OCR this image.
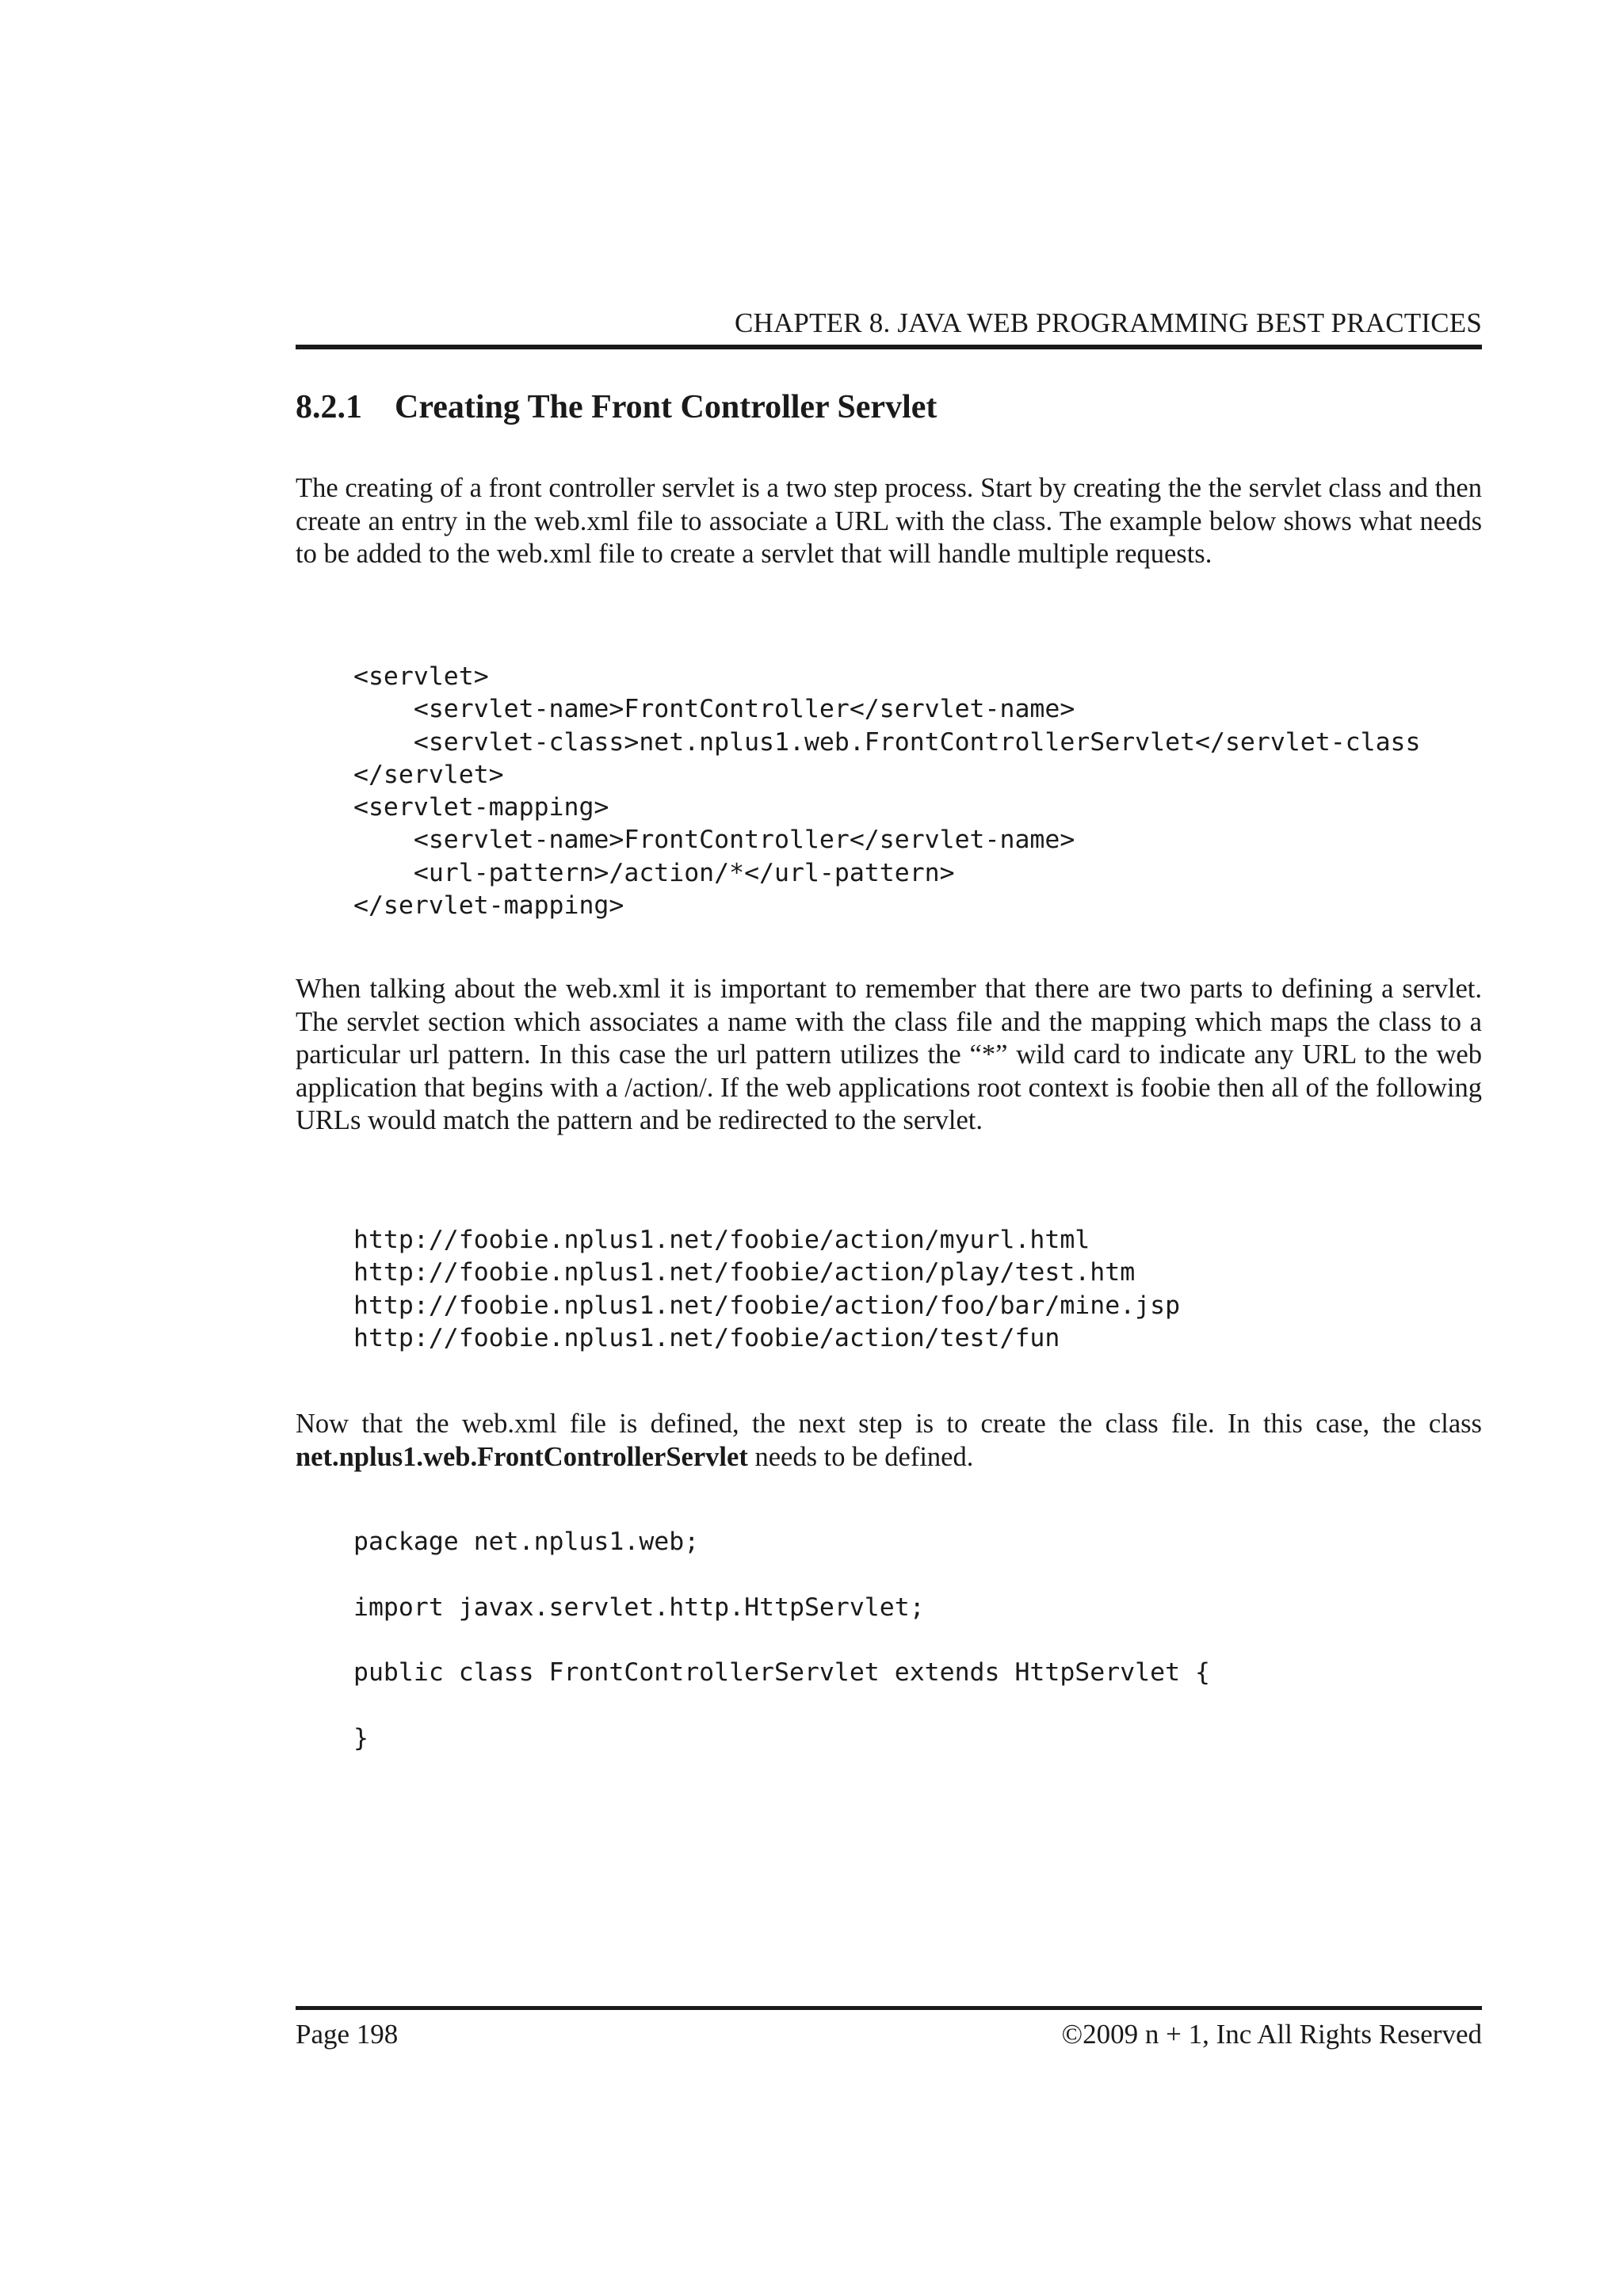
CHAPTER 8. JAVA WEB PROGRAMMING BEST PRACTICES
8.2.1 Creating The Front Controller Servlet
The creating of a front controller servlet is a two step process. Start by creating the the servlet class and then create an entry in the web.xml file to associate a URL with the class. The example below shows what needs to be added to the web.xml file to create a servlet that will handle multiple requests.
<servlet>
<servlet-name>FrontController</servlet-name>
<servlet-class>net.nplus1.web.FrontControllerServlet</servlet-class
</servlet>
<servlet-mapping>
<servlet-name>FrontController</servlet-name>
<url-pattern>/action/*</url-pattern>
</servlet-mapping>
When talking about the web.xml it is important to remember that there are two parts to defining a servlet. The servlet section which associates a name with the class file and the mapping which maps the class to a particular url pattern. In this case the url pattern utilizes the “*” wild card to indicate any URL to the web application that begins with a /action/. If the web applications root context is foobie then all of the following URLs would match the pattern and be redirected to the servlet.
http://foobie.nplus1.net/foobie/action/myurl.html
http://foobie.nplus1.net/foobie/action/play/test.htm
http://foobie.nplus1.net/foobie/action/foo/bar/mine.jsp
http://foobie.nplus1.net/foobie/action/test/fun
Now that the web.xml file is defined, the next step is to create the class file. In this case, the class net.nplus1.web.FrontControllerServlet needs to be defined.
package net.nplus1.web;

import javax.servlet.http.HttpServlet;

public class FrontControllerServlet extends HttpServlet {

}
Page 198	©2009 n + 1, Inc All Rights Reserved
